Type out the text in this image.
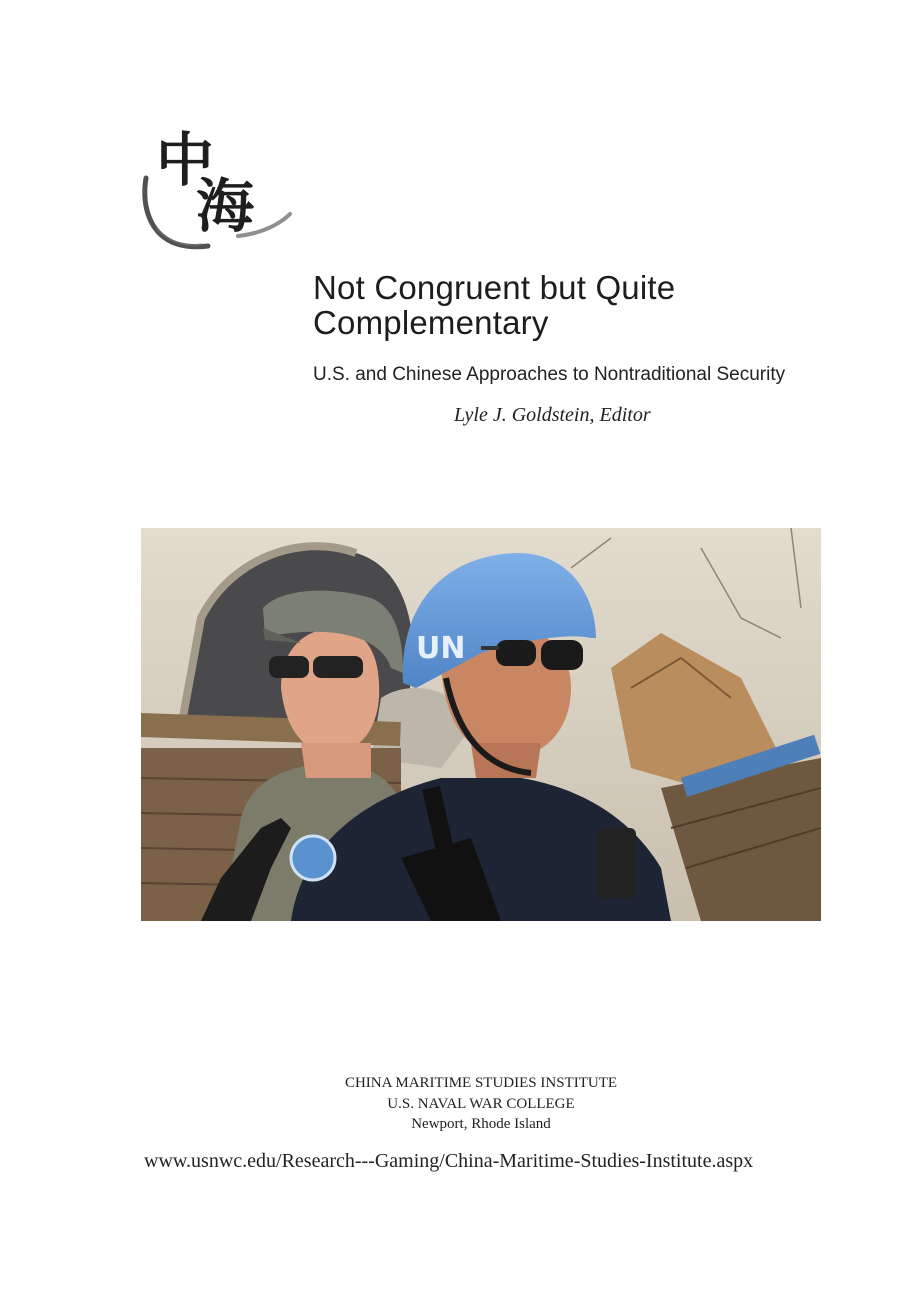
中
海
Not Congruent but Quite
Complementary
U.S. and Chinese Approaches to Nontraditional Security
Lyle J. Goldstein, Editor
UN
CHINA MARITIME STUDIES INSTITUTE
U.S. NAVAL WAR COLLEGE
Newport, Rhode Island
www.usnwc.edu/Research---Gaming/China-Maritime-Studies-Institute.aspx
